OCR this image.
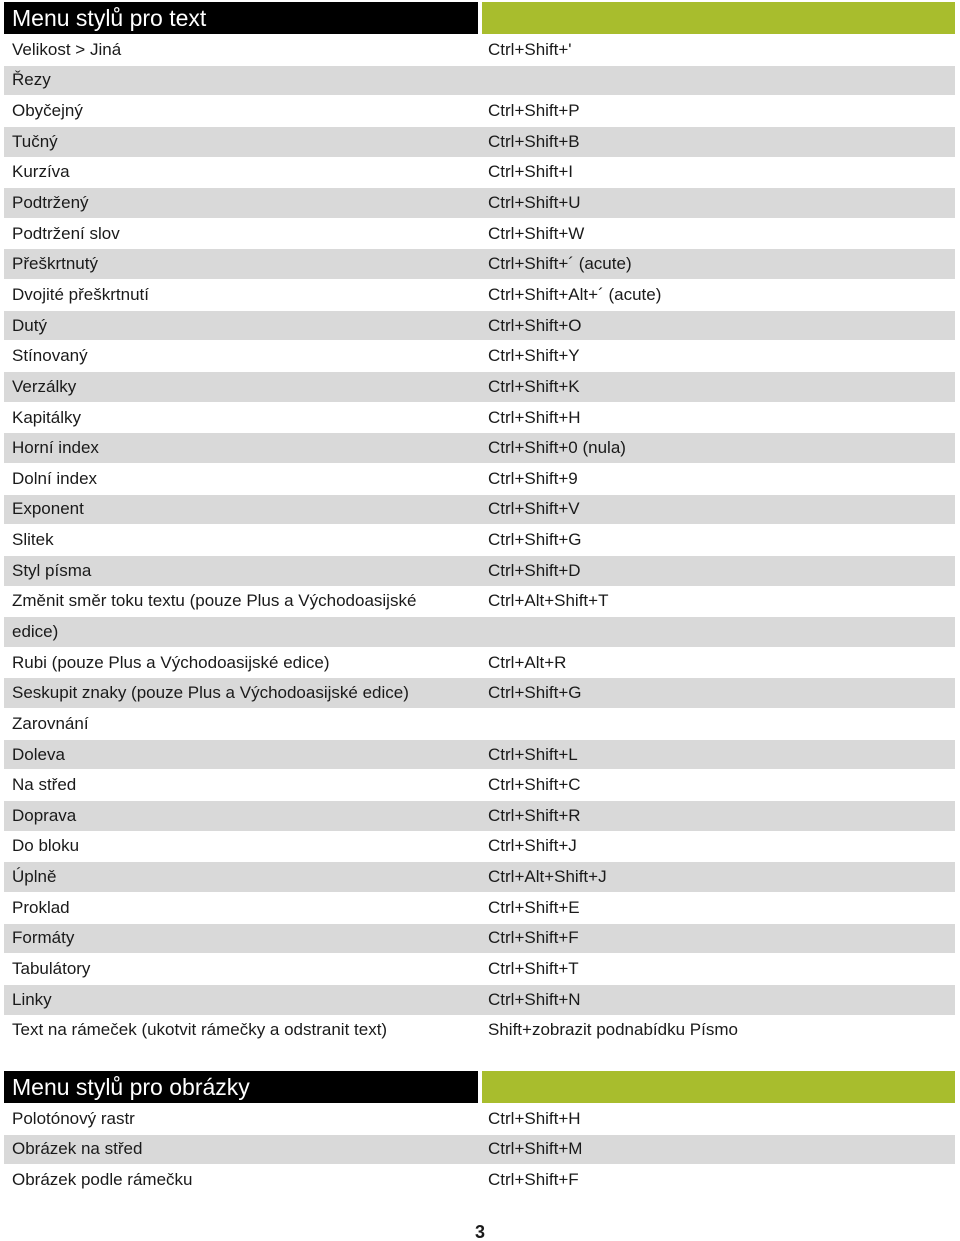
Menu stylů pro text
Velikost > Jiná	Ctrl+Shift+'
Řezy
Obyčejný	Ctrl+Shift+P
Tučný	Ctrl+Shift+B
Kurzíva	Ctrl+Shift+I
Podtržený	Ctrl+Shift+U
Podtržení slov	Ctrl+Shift+W
Přeškrtnutý	Ctrl+Shift+´ (acute)
Dvojité přeškrtnutí	Ctrl+Shift+Alt+´ (acute)
Dutý	Ctrl+Shift+O
Stínovaný	Ctrl+Shift+Y
Verzálky	Ctrl+Shift+K
Kapitálky	Ctrl+Shift+H
Horní index	Ctrl+Shift+0 (nula)
Dolní index	Ctrl+Shift+9
Exponent	Ctrl+Shift+V
Slitek	Ctrl+Shift+G
Styl písma	Ctrl+Shift+D
Změnit směr toku textu (pouze Plus a Východoasijské	Ctrl+Alt+Shift+T
edice)
Rubi (pouze Plus a Východoasijské edice)	Ctrl+Alt+R
Seskupit znaky (pouze Plus a Východoasijské edice)	Ctrl+Shift+G
Zarovnání
Doleva	Ctrl+Shift+L
Na střed	Ctrl+Shift+C
Doprava	Ctrl+Shift+R
Do bloku	Ctrl+Shift+J
Úplně	Ctrl+Alt+Shift+J
Proklad	Ctrl+Shift+E
Formáty	Ctrl+Shift+F
Tabulátory	Ctrl+Shift+T
Linky	Ctrl+Shift+N
Text na rámeček (ukotvit rámečky a odstranit text)	Shift+zobrazit podnabídku Písmo
Menu stylů pro obrázky
Polotónový rastr	Ctrl+Shift+H
Obrázek na střed	Ctrl+Shift+M
Obrázek podle rámečku	Ctrl+Shift+F
3
